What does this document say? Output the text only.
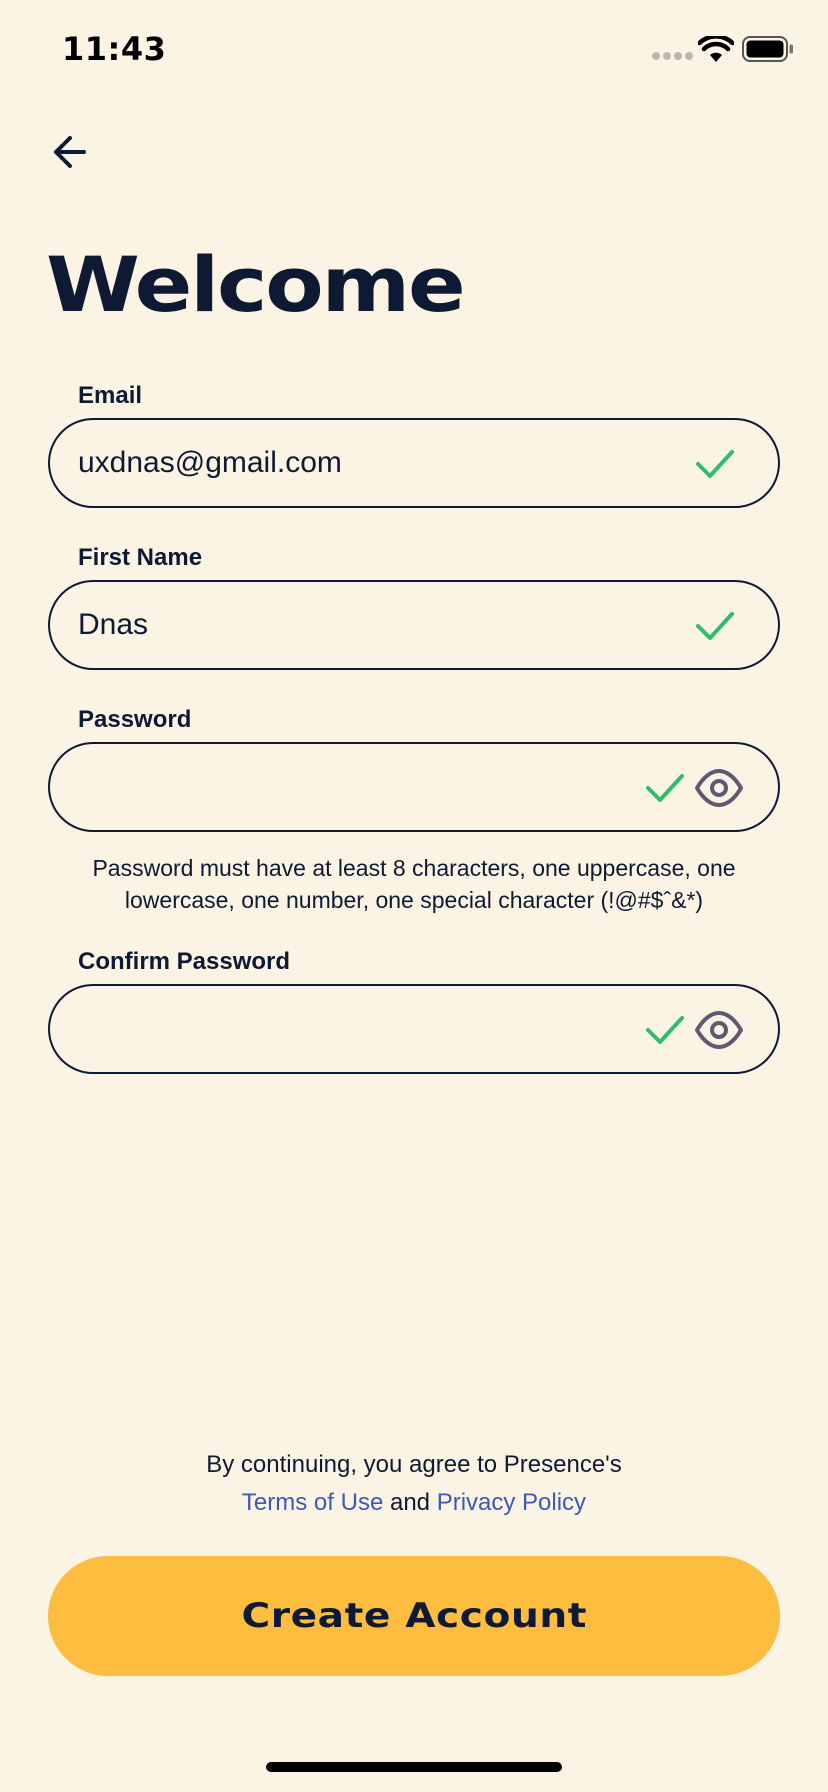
11:43
Welcome
Email
uxdnas@gmail.com
First Name
Dnas
Password
Password must have at least 8 characters, one uppercase, one lowercase, one number, one special character (!@#$ˆ&*)
Confirm Password
By continuing, you agree to Presence's
Terms of Use and Privacy Policy
Create Account
